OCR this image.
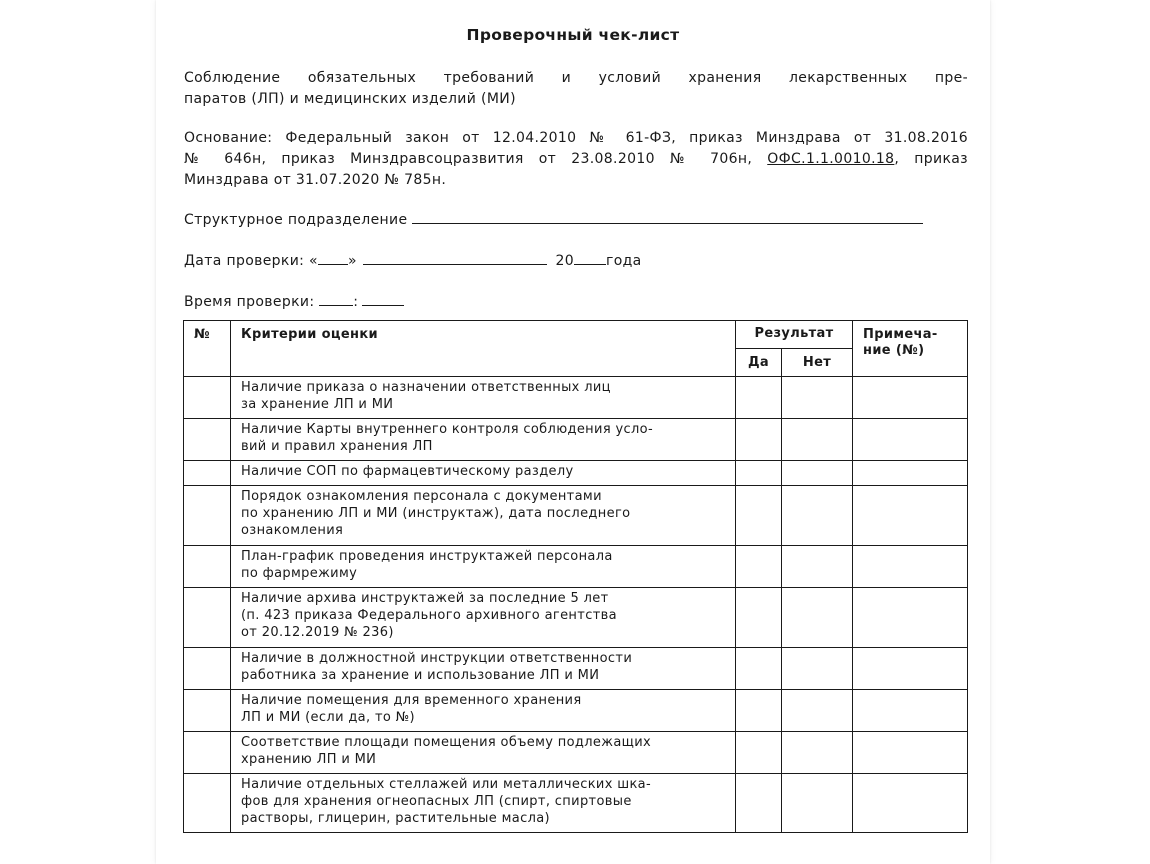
Проверочный чек-лист
Соблюдение обязательных требований и условий хранения лекарственных пре-
паратов (ЛП) и медицинских изделий (МИ)
Основание: Федеральный закон от 12.04.2010 № 61-ФЗ, приказ Минздрава от 31.08.2016
№ 646н, приказ Минздравсоцразвития от 23.08.2010 № 706н, ОФС.1.1.0010.18, приказ
Минздрава от 31.07.2020 № 785н.
Структурное подразделение
Дата проверки: « »	20 года
Время проверки:	:
№	Критерии оценки	Результат		Примеча-
ние (№)

		Да	Нет	

	Наличие приказа о назначении ответственных лиц
за хранение ЛП и МИ			

	Наличие Карты внутреннего контроля соблюдения усло-
вий и правил хранения ЛП			

	Наличие СОП по фармацевтическому разделу			

	Порядок ознакомления персонала с документами
по хранению ЛП и МИ (инструктаж), дата последнего
ознакомления			

	План-график проведения инструктажей персонала
по фармрежиму			

	Наличие архива инструктажей за последние 5 лет
(п. 423 приказа Федерального архивного агентства
от 20.12.2019 № 236)			

	Наличие в должностной инструкции ответственности
работника за хранение и использование ЛП и МИ			

	Наличие помещения для временного хранения
ЛП и МИ (если да, то №)			

	Соответствие площади помещения объему подлежащих
хранению ЛП и МИ			

	Наличие отдельных стеллажей или металлических шка-
фов для хранения огнеопасных ЛП (спирт, спиртовые
растворы, глицерин, растительные масла)			
